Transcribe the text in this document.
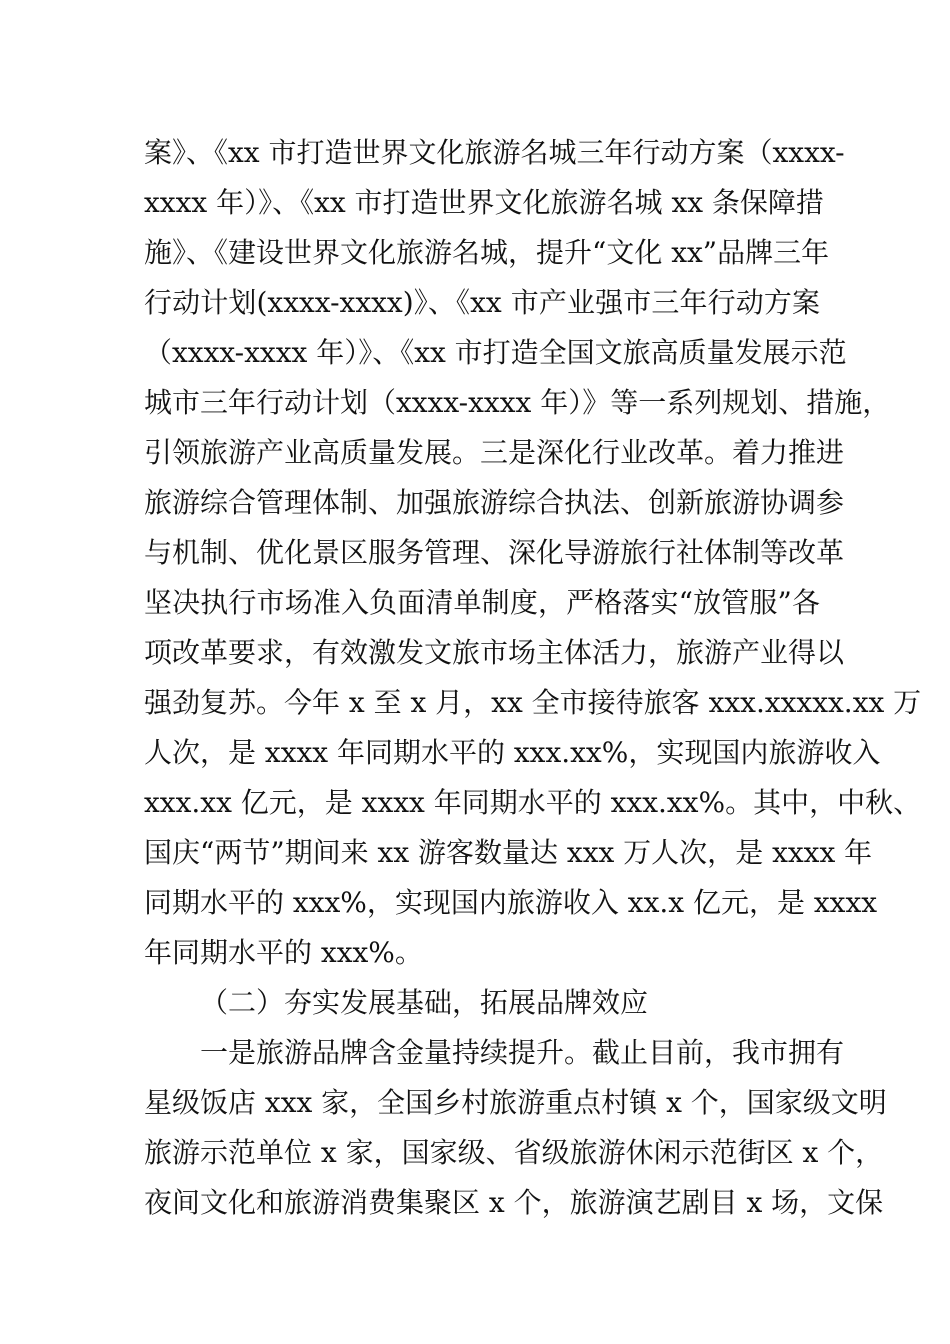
案》、《xx 市打造世界文化旅游名城三年行动方案（xxxx-
xxxx 年）》、《xx 市打造世界文化旅游名城 xx 条保障措
施》、《建设世界文化旅游名城，提升“文化 xx”品牌三年
行动计划(xxxx-xxxx)》、《xx 市产业强市三年行动方案
（xxxx-xxxx 年）》、《xx 市打造全国文旅高质量发展示范
城市三年行动计划（xxxx-xxxx 年）》等一系列规划、措施，
引领旅游产业高质量发展。三是深化行业改革。着力推进
旅游综合管理体制、加强旅游综合执法、创新旅游协调参
与机制、优化景区服务管理、深化导游旅行社体制等改革
坚决执行市场准入负面清单制度，严格落实“放管服”各
项改革要求，有效激发文旅市场主体活力，旅游产业得以
强劲复苏。今年 x 至 x 月，xx 全市接待旅客 xxx.xxxxx.xx 万
人次，是 xxxx 年同期水平的 xxx.xx%，实现国内旅游收入
xxx.xx 亿元，是 xxxx 年同期水平的 xxx.xx%。其中，中秋、
国庆“两节”期间来 xx 游客数量达 xxx 万人次，是 xxxx 年
同期水平的 xxx%，实现国内旅游收入 xx.x 亿元，是 xxxx
年同期水平的 xxx%。
（二）夯实发展基础，拓展品牌效应
一是旅游品牌含金量持续提升。截止目前，我市拥有
星级饭店 xxx 家，全国乡村旅游重点村镇 x 个，国家级文明
旅游示范单位 x 家，国家级、省级旅游休闲示范街区 x 个，
夜间文化和旅游消费集聚区 x 个，旅游演艺剧目 x 场，文保
